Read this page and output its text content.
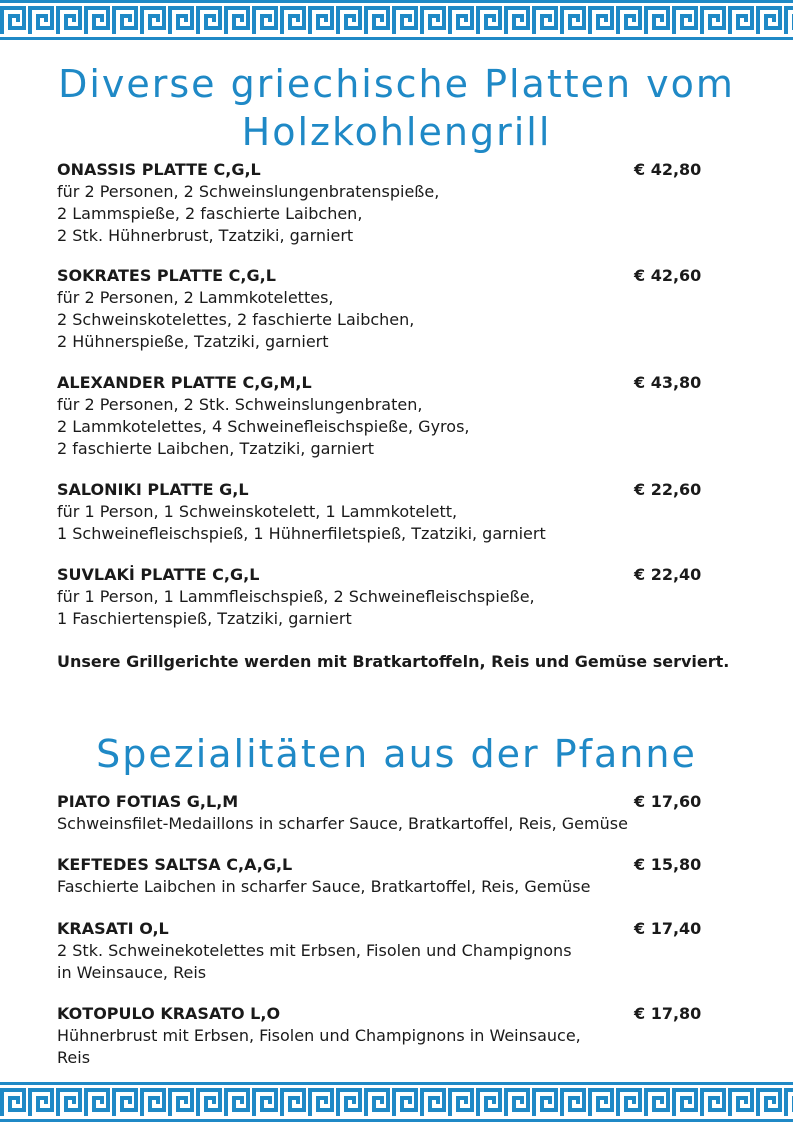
Diverse griechische Platten vom
Holzkohlengrill
ONASSIS PLATTE C,G,L	€ 42,80

für 2 Personen, 2 Schweinslungenbratenspieße,
2 Lammspieße, 2 faschierte Laibchen,
2 Stk. Hühnerbrust, Tzatziki, garniert

SOKRATES PLATTE C,G,L	€ 42,60

für 2 Personen, 2 Lammkotelettes,
2 Schweinskotelettes, 2 faschierte Laibchen,
2 Hühnerspieße, Tzatziki, garniert

ALEXANDER PLATTE C,G,M,L	€ 43,80

für 2 Personen, 2 Stk. Schweinslungenbraten,
2 Lammkotelettes, 4 Schweinefleischspieße, Gyros,
2 faschierte Laibchen, Tzatziki, garniert

SALONIKI PLATTE G,L	€ 22,60

für 1 Person, 1 Schweinskotelett, 1 Lammkotelett,
1 Schweinefleischspieß, 1 Hühnerfiletspieß, Tzatziki, garniert

SUVLAKİ PLATTE C,G,L	€ 22,40

für 1 Person, 1 Lammfleischspieß, 2 Schweinefleischspieße,
1 Faschiertenspieß, Tzatziki, garniert

Unsere Grillgerichte werden mit Bratkartoffeln, Reis und Gemüse serviert.
Spezialitäten aus der Pfanne
PIATO FOTIAS G,L,M	€ 17,60

Schweinsfilet-Medaillons in scharfer Sauce, Bratkartoffel, Reis, Gemüse

KEFTEDES SALTSA C,A,G,L	€ 15,80

Faschierte Laibchen in scharfer Sauce, Bratkartoffel, Reis, Gemüse

KRASATI O,L	€ 17,40

2 Stk. Schweinekotelettes mit Erbsen, Fisolen und Champignons
in Weinsauce, Reis

KOTOPULO KRASATO L,O	€ 17,80

Hühnerbrust mit Erbsen, Fisolen und Champignons in Weinsauce,
Reis
